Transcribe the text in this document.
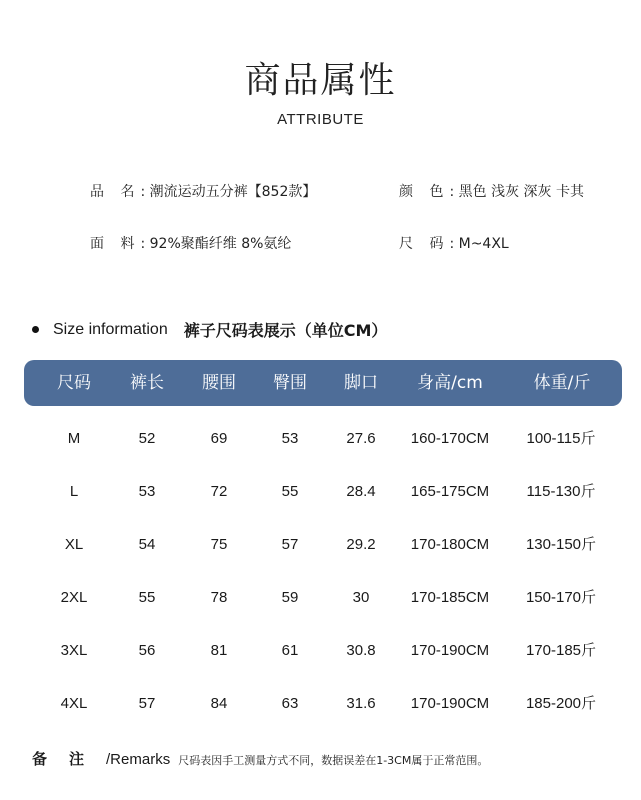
商品属性
ATTRIBUTE
品 名: 潮流运动五分裤【852款】	颜 色: 黑色 浅灰 深灰 卡其
面 料: 92%聚酯纤维 8%氨纶	尺 码: M~4XL
Size information 裤子尺码表展示（单位CM）
尺码	裤长	腰围	臀围	脚口	身高/cm	体重/斤
M	52	69	53	27.6	160-170CM	100-115斤
L	53	72	55	28.4	165-175CM	115-130斤
XL	54	75	57	29.2	170-180CM	130-150斤
2XL	55	78	59	30	170-185CM	150-170斤
3XL	56	81	61	30.8	170-190CM	170-185斤
4XL	57	84	63	31.6	170-190CM	185-200斤
备注 /Remarks 尺码表因手工测量方式不同，数据误差在1-3CM属于正常范围。
